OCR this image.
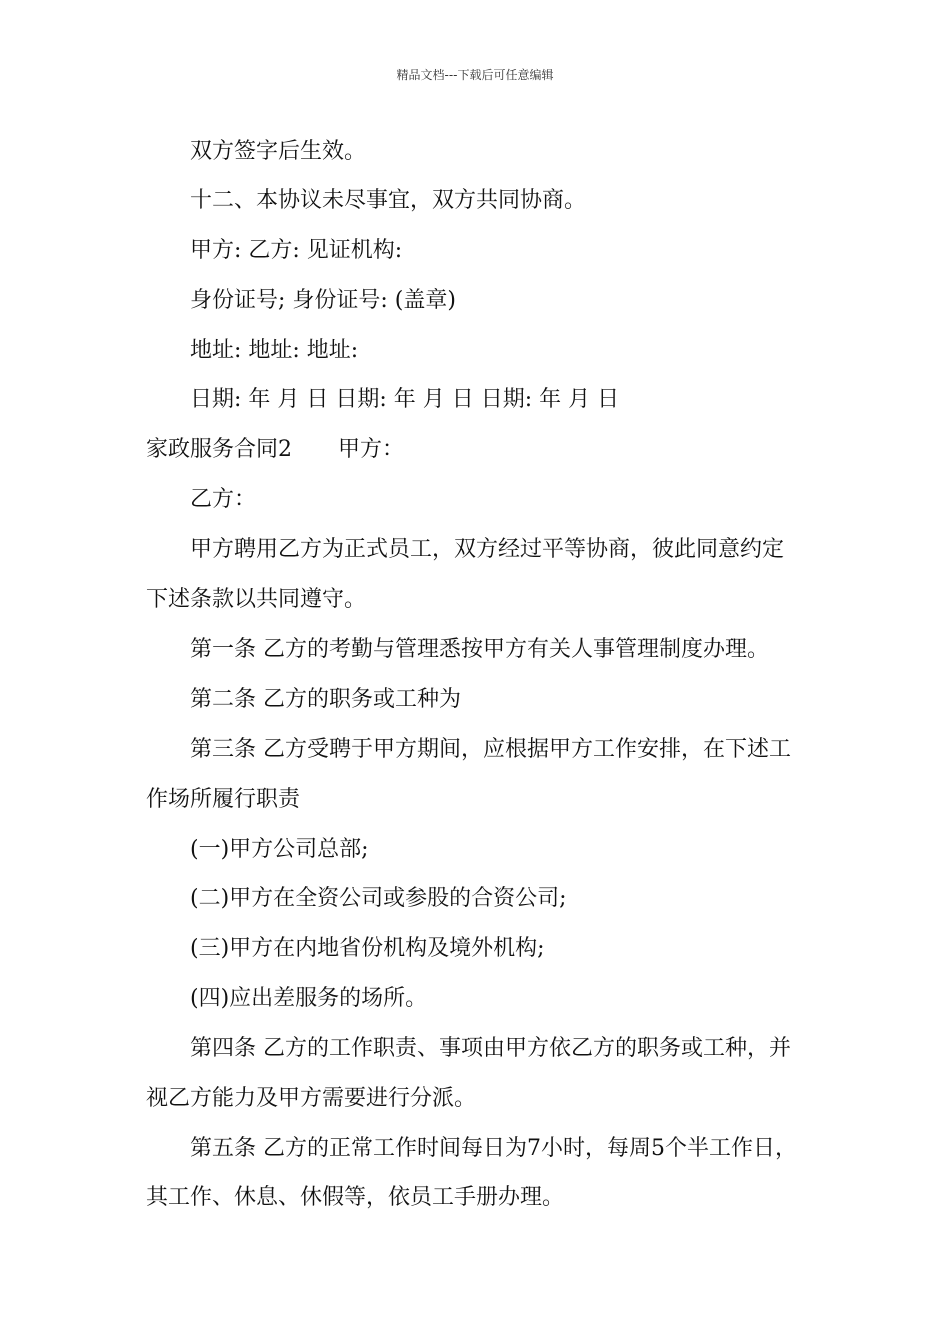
精品文档---下载后可任意编辑
双方签字后生效。
十二、本协议未尽事宜，双方共同协商。
甲方: 乙方: 见证机构:
身份证号; 身份证号: (盖章)
地址: 地址: 地址:
日期: 年 月 日 日期: 年 月 日 日期: 年 月 日
家政服务合同2 甲方：
乙方：
甲方聘用乙方为正式员工，双方经过平等协商，彼此同意约定
下述条款以共同遵守。
第一条 乙方的考勤与管理悉按甲方有关人事管理制度办理。
第二条 乙方的职务或工种为
第三条 乙方受聘于甲方期间，应根据甲方工作安排，在下述工
作场所履行职责
(一)甲方公司总部;
(二)甲方在全资公司或参股的合资公司;
(三)甲方在内地省份机构及境外机构;
(四)应出差服务的场所。
第四条 乙方的工作职责、事项由甲方依乙方的职务或工种，并
视乙方能力及甲方需要进行分派。
第五条 乙方的正常工作时间每日为7小时，每周5个半工作日，
其工作、休息、休假等，依员工手册办理。
